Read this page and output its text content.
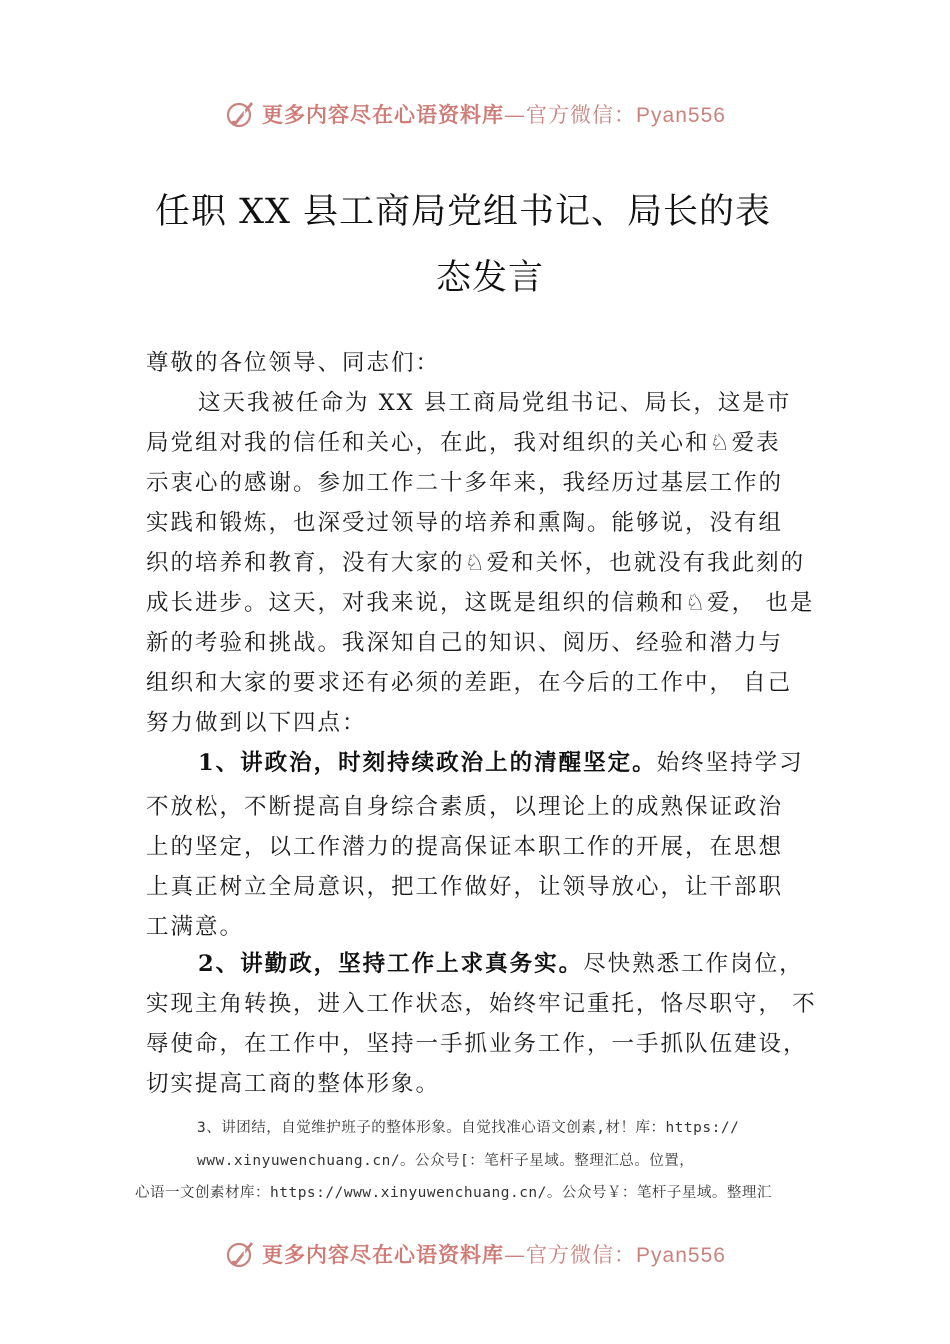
更多内容尽在心语资料库—官方微信：Pyan556
任职 XX 县工商局党组书记、局长的表
态发言
尊敬的各位领导、同志们：
这天我被任命为 XX 县工商局党组书记、局长，这是市
局党组对我的信任和关心，在此，我对组织的关心和♘爱表
示衷心的感谢。参加工作二十多年来，我经历过基层工作的
实践和锻炼，也深受过领导的培养和熏陶。能够说，没有组
织的培养和教育，没有大家的♘爱和关怀，也就没有我此刻的
成长进步。这天，对我来说，这既是组织的信赖和♘爱， 也是
新的考验和挑战。我深知自己的知识、阅历、经验和潜力与
组织和大家的要求还有必须的差距，在今后的工作中， 自己
努力做到以下四点：
1、讲政治，时刻持续政治上的清醒坚定。始终坚持学习
不放松，不断提高自身综合素质，以理论上的成熟保证政治
上的坚定，以工作潜力的提高保证本职工作的开展，在思想
上真正树立全局意识，把工作做好，让领导放心，让干部职
工满意。
2、讲勤政，坚持工作上求真务实。尽快熟悉工作岗位，
实现主角转换，进入工作状态，始终牢记重托，恪尽职守， 不
辱使命，在工作中，坚持一手抓业务工作，一手抓队伍建设，
切实提高工商的整体形象。
3、讲团结，自觉维护班子的整体形象。自觉找准心语文创素,材！库：https://
www.xinyuwenchuang.cn/。公众号[：笔杆子星域。整理汇总。位置，
心语一文创素材库：https://www.xinyuwenchuang.cn/。公众号￥：笔杆子星域。整理汇
更多内容尽在心语资料库—官方微信：Pyan556
